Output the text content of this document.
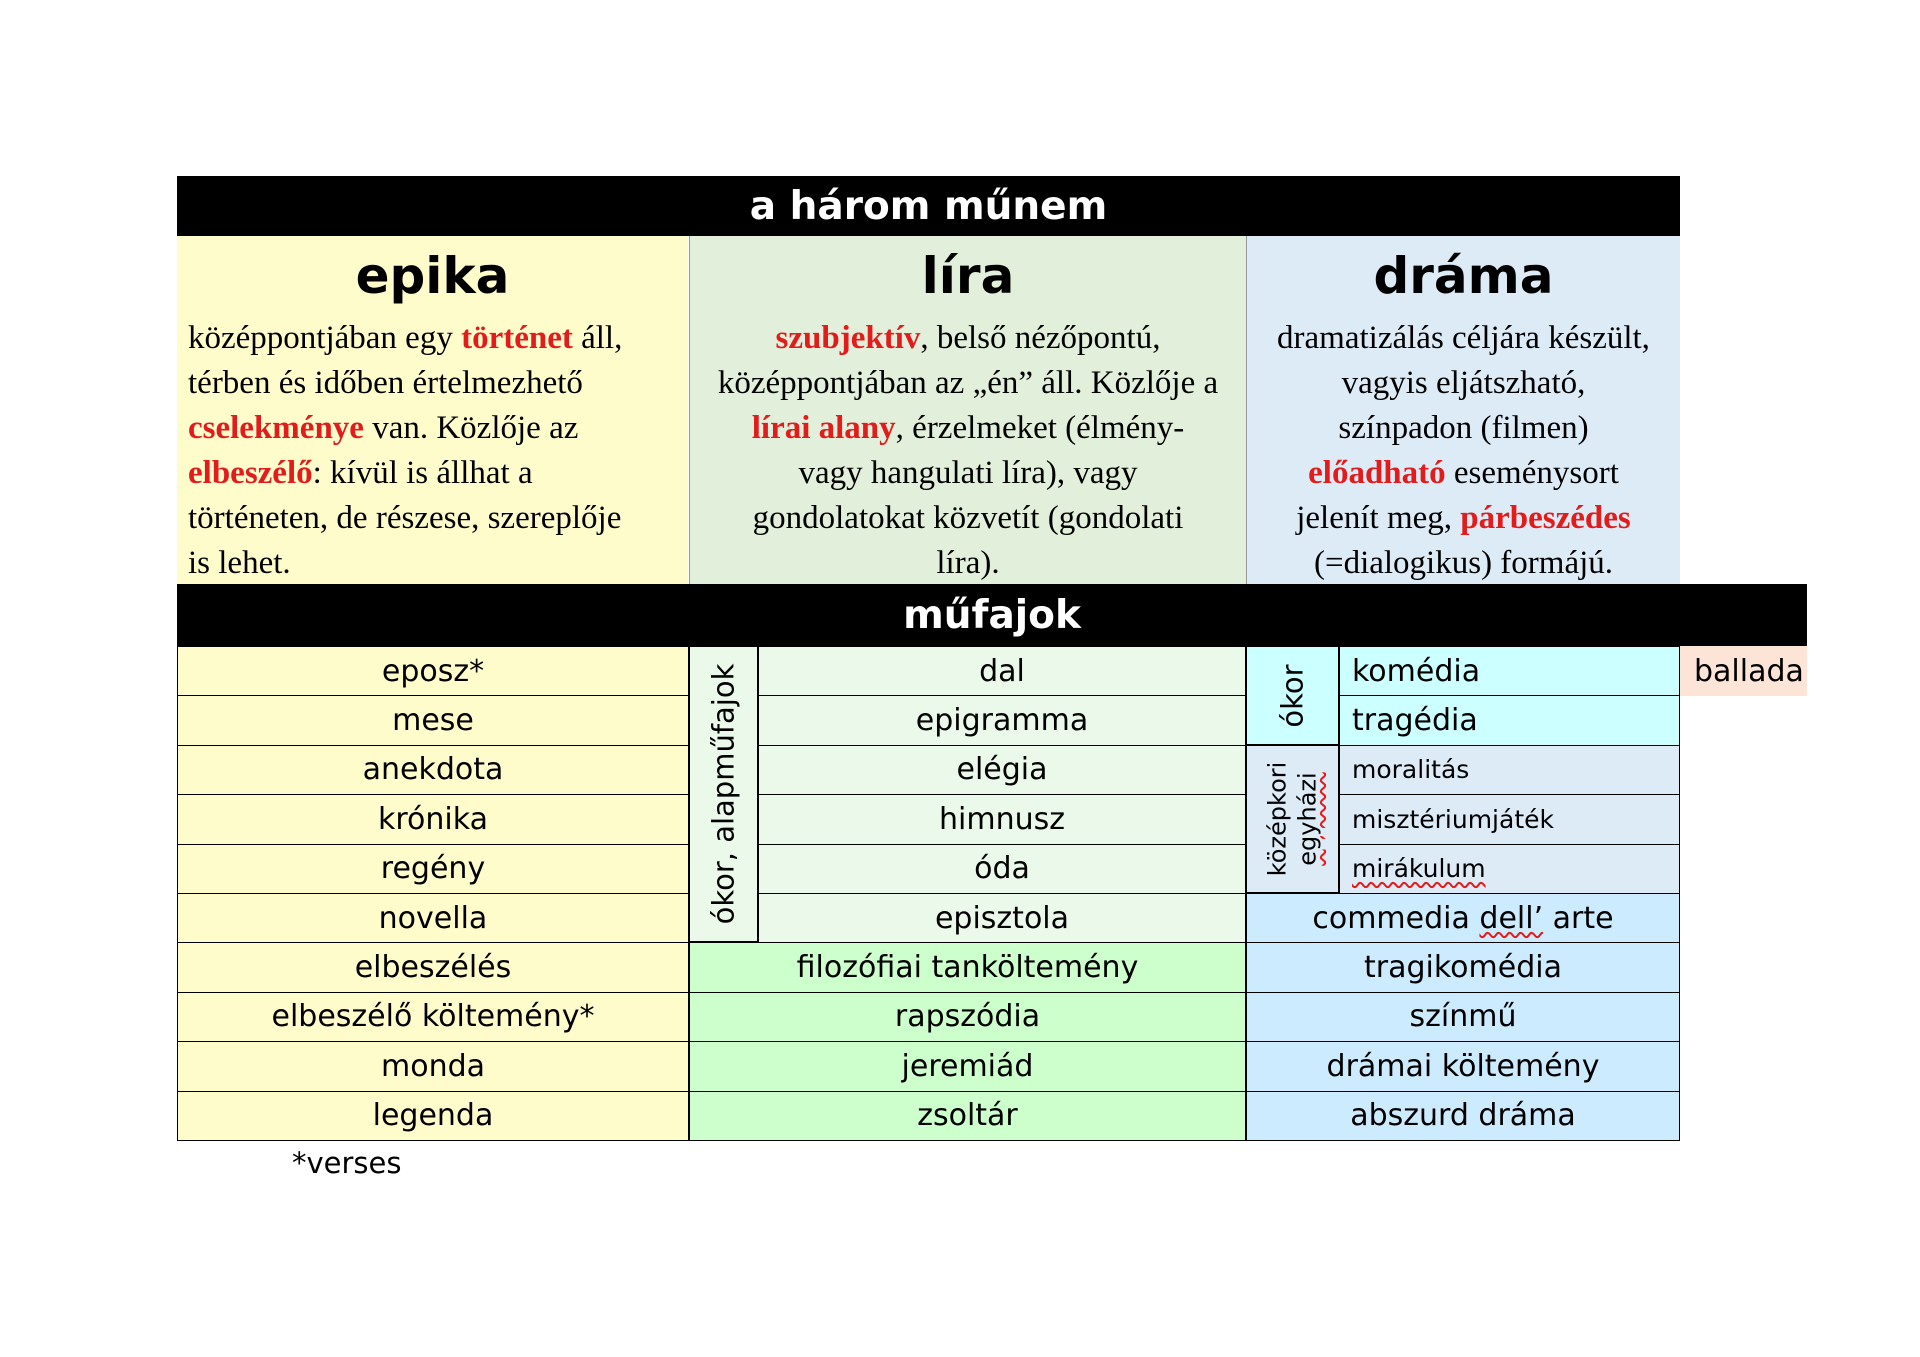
a három műnem
epika
középpontjában egy történet áll,
térben és időben értelmezhető
cselekménye van. Közlője az
elbeszélő: kívül is állhat a
történeten, de részese, szereplője
is lehet.
líra
szubjektív, belső nézőpontú,
középpontjában az „én” áll. Közlője a
lírai alany, érzelmeket (élmény-
vagy hangulati líra), vagy
gondolatokat közvetít (gondolati
líra).
dráma
dramatizálás céljára készült,
vagyis eljátszható,
színpadon (filmen)
előadható eseménysort
jelenít meg, párbeszédes
(=dialogikus) formájú.
műfajok
eposz*
mese
anekdota
krónika
regény
novella
elbeszélés
elbeszélő költemény*
monda
legenda
ókor, alapműfajok	dal
epigramma
elégia
himnusz
óda
episztola
filozófiai tanköltemény
rapszódia
jeremiád
zsoltár
ókor	komédia
tragédia
középkori egyházi
moralitás
misztériumjáték
mirákulum
commedia dell’ arte
tragikomédia
színmű
drámai költemény
abszurd dráma
ballada
*verses
